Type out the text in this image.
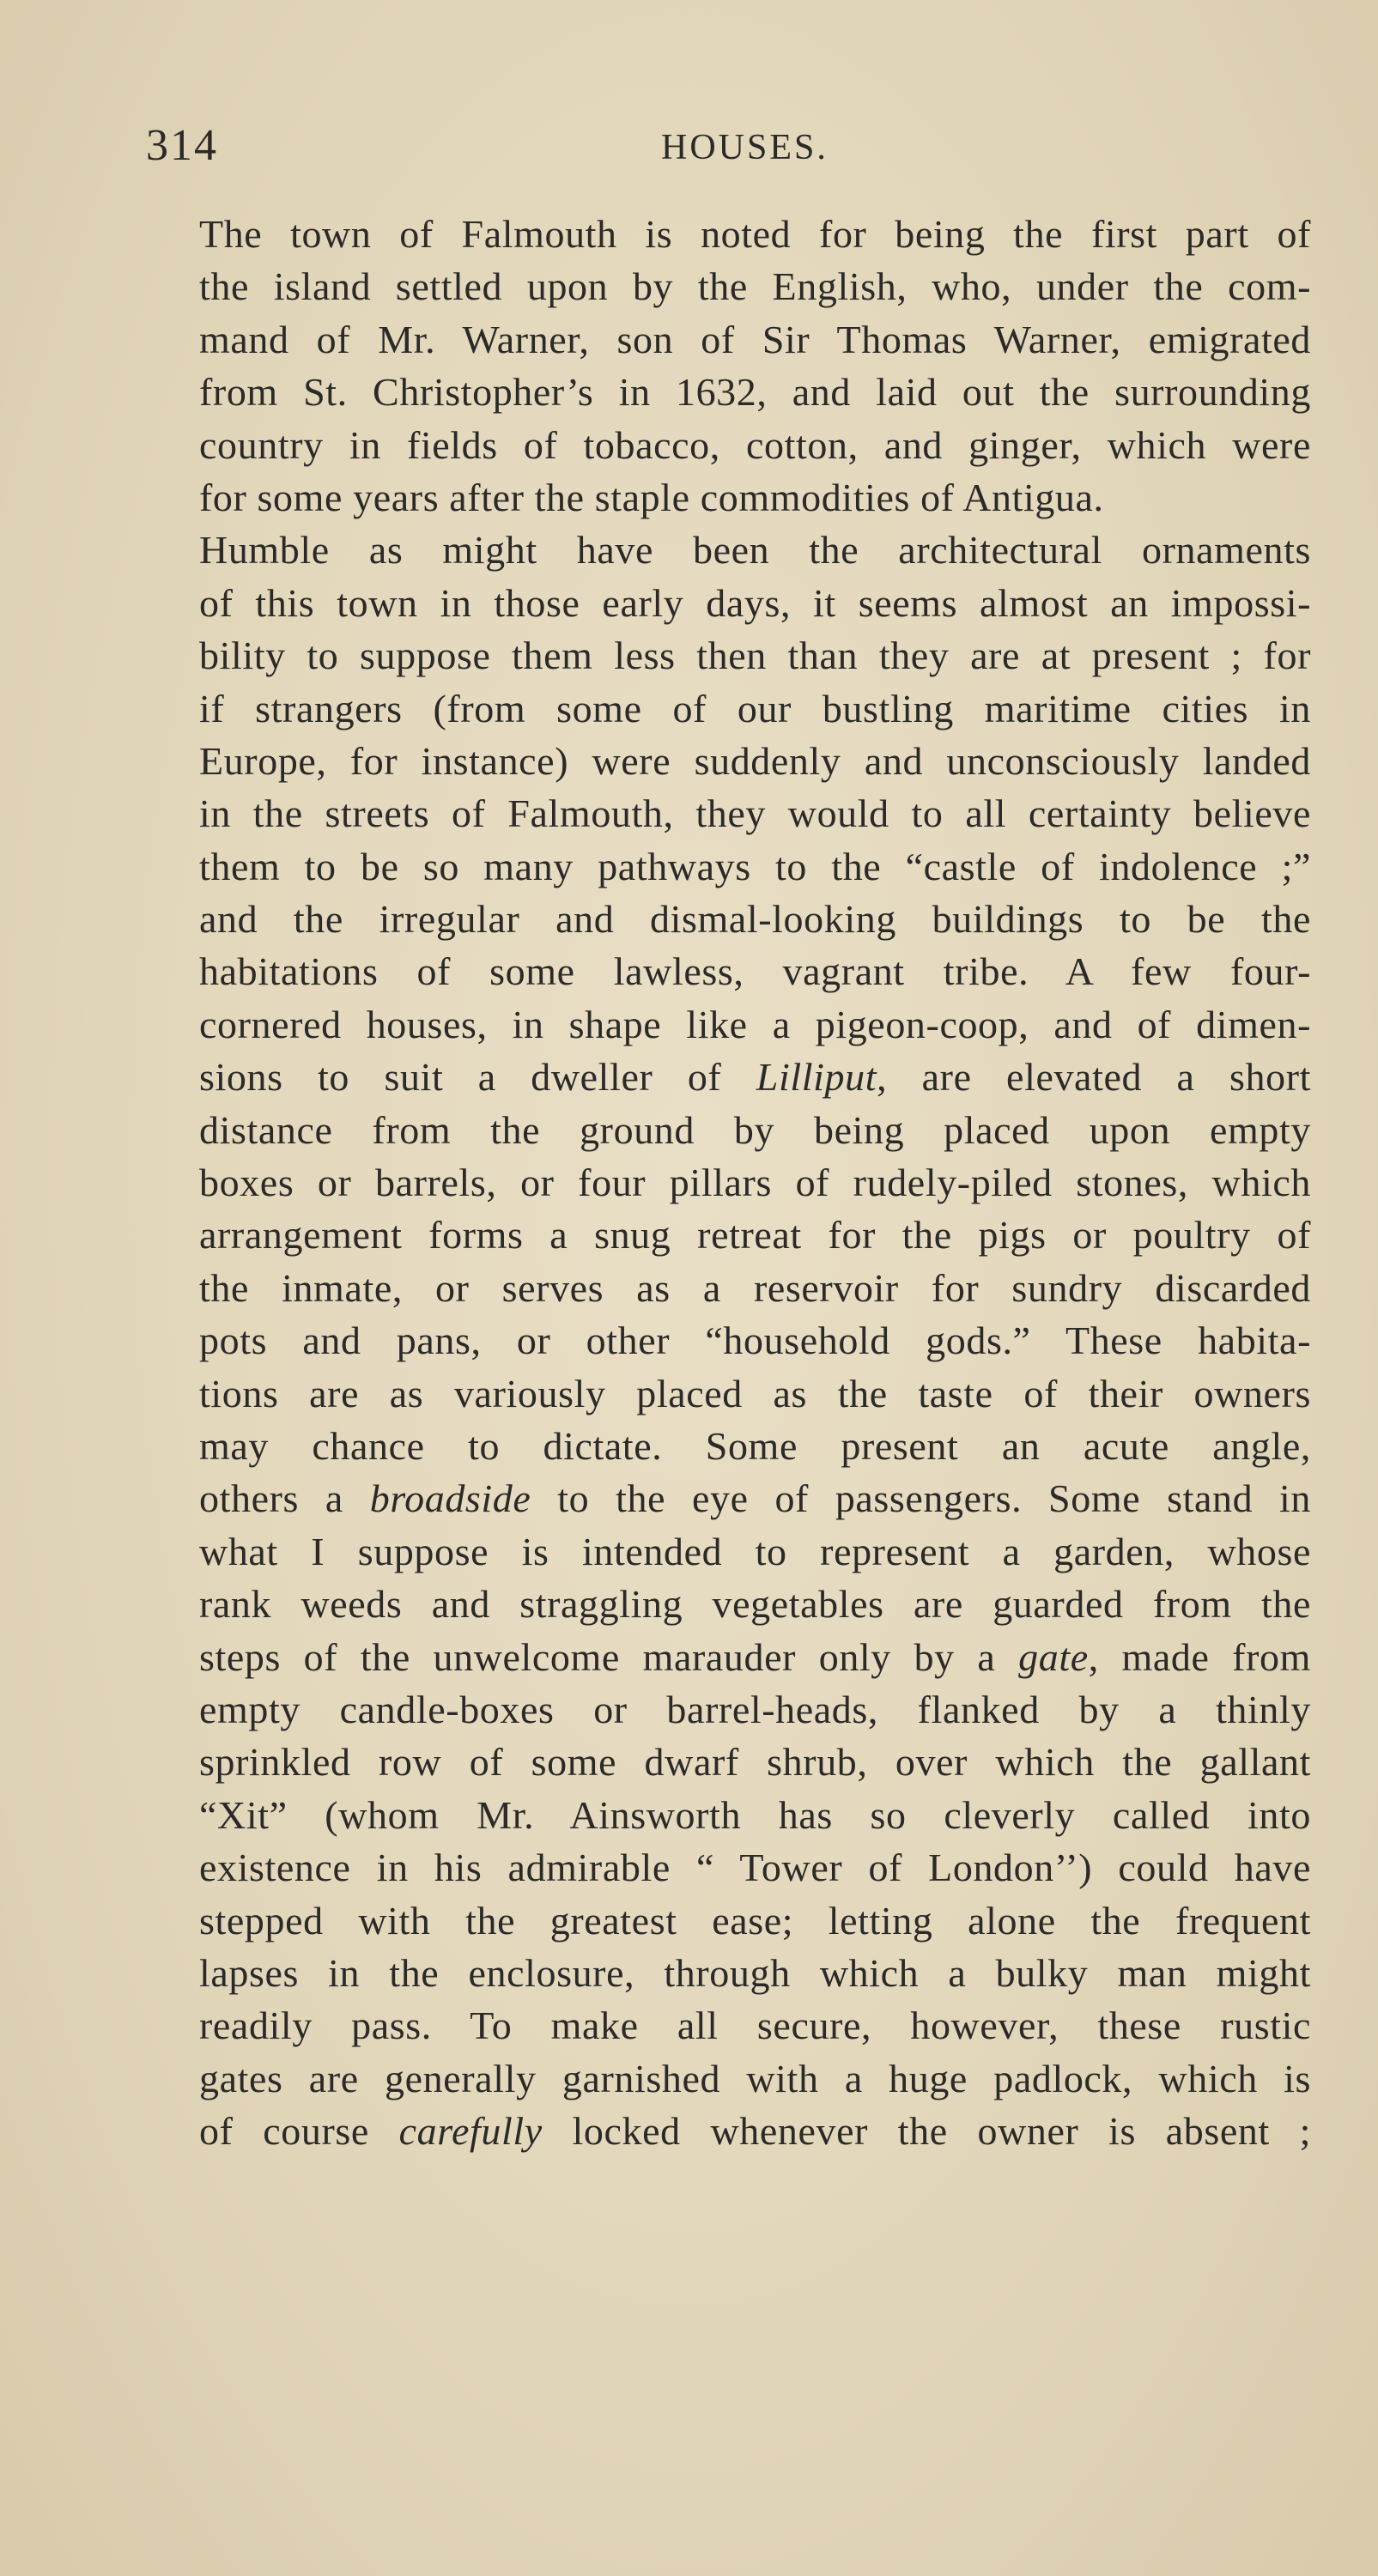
314	HOUSES.
The town of Falmouth is noted for being the first part of
the island settled upon by the English, who, under the com-
mand of Mr. Warner, son of Sir Thomas Warner, emigrated
from St. Christopher’s in 1632, and laid out the surrounding
country in fields of tobacco, cotton, and ginger, which were
for some years after the staple commodities of Antigua.
Humble as might have been the architectural ornaments
of this town in those early days, it seems almost an impossi-
bility to suppose them less then than they are at present ; for
if strangers (from some of our bustling maritime cities in
Europe, for instance) were suddenly and unconsciously landed
in the streets of Falmouth, they would to all certainty believe
them to be so many pathways to the “castle of indolence ;”
and the irregular and dismal-looking buildings to be the
habitations of some lawless, vagrant tribe. A few four-
cornered houses, in shape like a pigeon-coop, and of dimen-
sions to suit a dweller of Lilliput, are elevated a short
distance from the ground by being placed upon empty
boxes or barrels, or four pillars of rudely-piled stones, which
arrangement forms a snug retreat for the pigs or poultry of
the inmate, or serves as a reservoir for sundry discarded
pots and pans, or other “household gods.” These habita-
tions are as variously placed as the taste of their owners
may chance to dictate. Some present an acute angle,
others a broadside to the eye of passengers. Some stand in
what I suppose is intended to represent a garden, whose
rank weeds and straggling vegetables are guarded from the
steps of the unwelcome marauder only by a gate, made from
empty candle-boxes or barrel-heads, flanked by a thinly
sprinkled row of some dwarf shrub, over which the gallant
“Xit” (whom Mr. Ainsworth has so cleverly called into
existence in his admirable “ Tower of London’’) could have
stepped with the greatest ease; letting alone the frequent
lapses in the enclosure, through which a bulky man might
readily pass. To make all secure, however, these rustic
gates are generally garnished with a huge padlock, which is
of course carefully locked whenever the owner is absent ;
